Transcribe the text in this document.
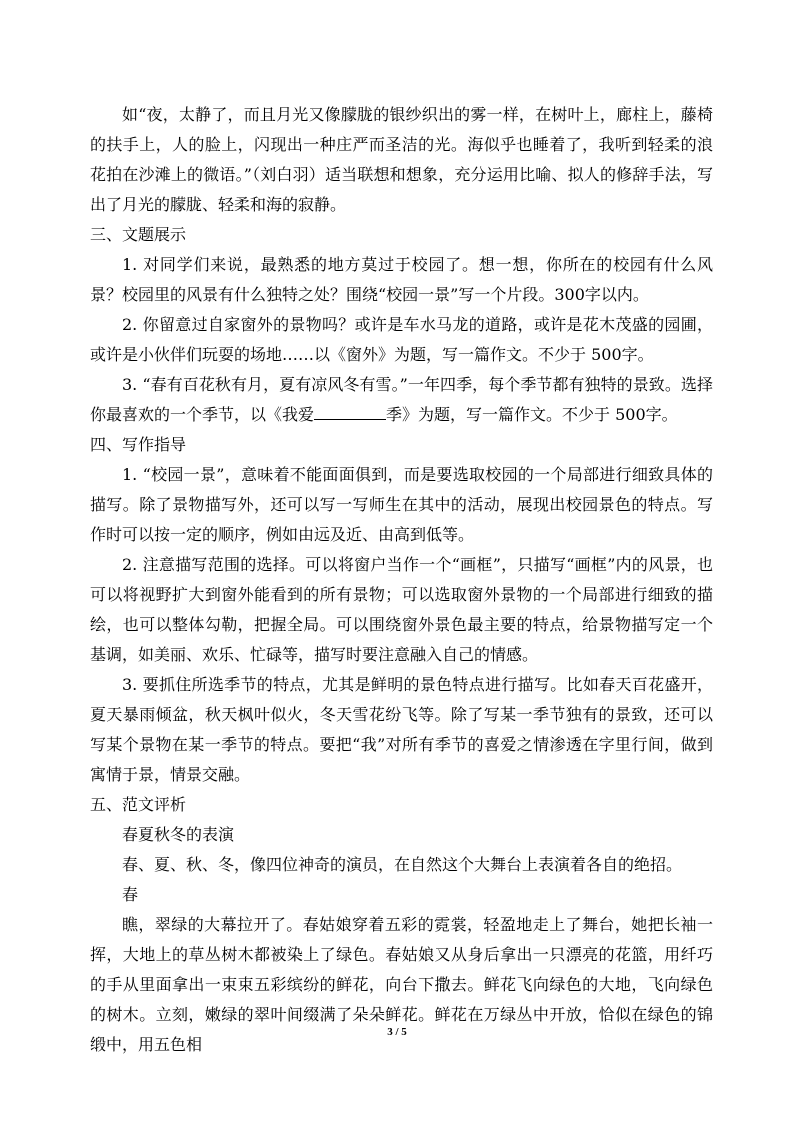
如“夜，太静了，而且月光又像朦胧的银纱织出的雾一样，在树叶上，廊柱上，藤椅的扶手上，人的脸上，闪现出一种庄严而圣洁的光。海似乎也睡着了，我听到轻柔的浪花拍在沙滩上的微语。”（刘白羽）适当联想和想象，充分运用比喻、拟人的修辞手法，写出了月光的朦胧、轻柔和海的寂静。

三、文题展示

1. 对同学们来说，最熟悉的地方莫过于校园了。想一想，你所在的校园有什么风景？校园里的风景有什么独特之处？围绕“校园一景”写一个片段。300字以内。

2. 你留意过自家窗外的景物吗？或许是车水马龙的道路，或许是花木茂盛的园圃，或许是小伙伴们玩耍的场地……以《窗外》为题，写一篇作文。不少于 500字。

3. “春有百花秋有月，夏有凉风冬有雪。”一年四季，每个季节都有独特的景致。选择你最喜欢的一个季节，以《我爱	季》为题，写一篇作文。不少于 500字。

四、写作指导

1. “校园一景”，意味着不能面面俱到，而是要选取校园的一个局部进行细致具体的描写。除了景物描写外，还可以写一写师生在其中的活动，展现出校园景色的特点。写作时可以按一定的顺序，例如由远及近、由高到低等。

2. 注意描写范围的选择。可以将窗户当作一个“画框”，只描写“画框”内的风景，也可以将视野扩大到窗外能看到的所有景物；可以选取窗外景物的一个局部进行细致的描绘，也可以整体勾勒，把握全局。可以围绕窗外景色最主要的特点，给景物描写定一个基调，如美丽、欢乐、忙碌等，描写时要注意融入自己的情感。

3. 要抓住所选季节的特点，尤其是鲜明的景色特点进行描写。比如春天百花盛开，夏天暴雨倾盆，秋天枫叶似火，冬天雪花纷飞等。除了写某一季节独有的景致，还可以写某个景物在某一季节的特点。要把“我”对所有季节的喜爱之情渗透在字里行间，做到寓情于景，情景交融。

五、范文评析

春夏秋冬的表演

春、夏、秋、冬，像四位神奇的演员，在自然这个大舞台上表演着各自的绝招。

春

瞧，翠绿的大幕拉开了。春姑娘穿着五彩的霓裳，轻盈地走上了舞台，她把长袖一挥，大地上的草丛树木都被染上了绿色。春姑娘又从身后拿出一只漂亮的花篮，用纤巧的手从里面拿出一束束五彩缤纷的鲜花，向台下撒去。鲜花飞向绿色的大地，飞向绿色的树木。立刻，嫩绿的翠叶间缀满了朵朵鲜花。鲜花在万绿丛中开放，恰似在绿色的锦缎中，用五色相

3 / 5
